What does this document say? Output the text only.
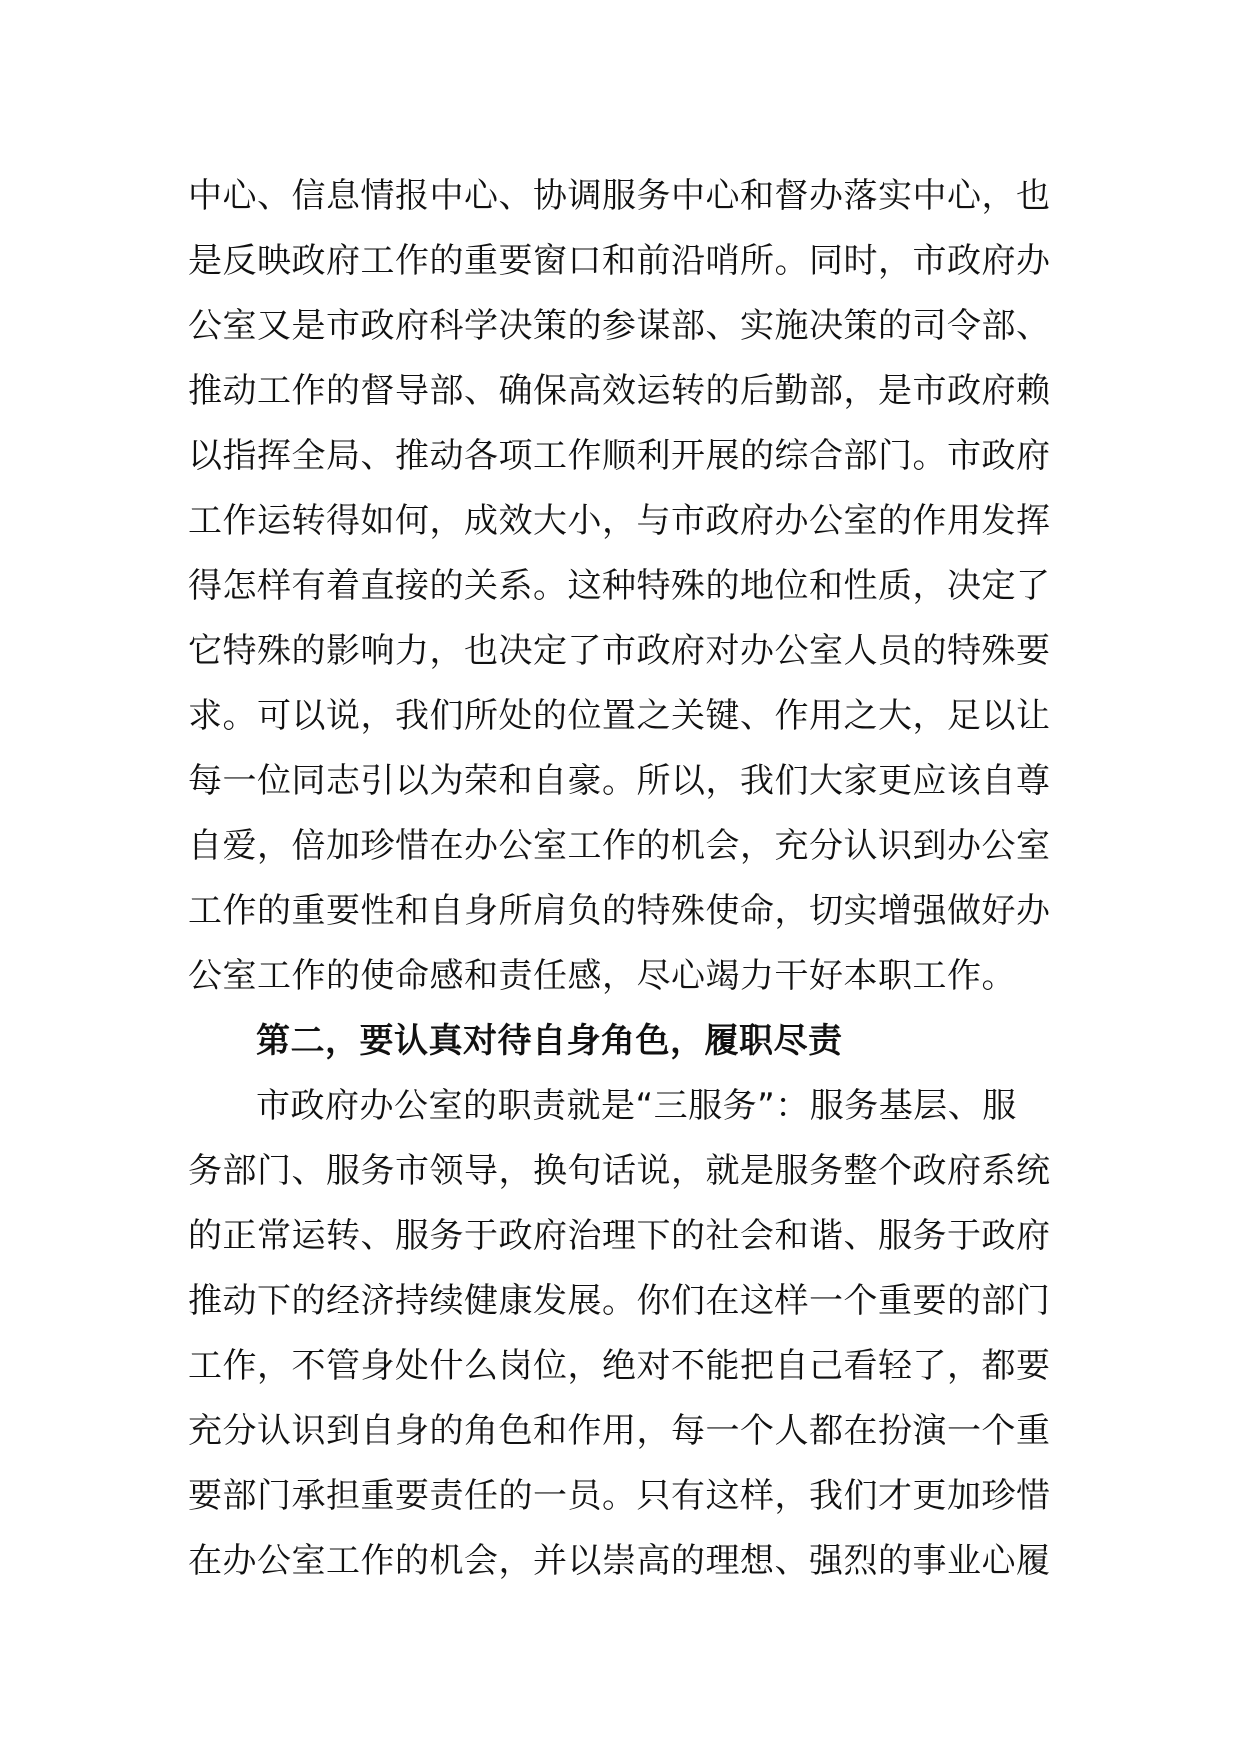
中心、信息情报中心、协调服务中心和督办落实中心，也
是反映政府工作的重要窗口和前沿哨所。同时，市政府办
公室又是市政府科学决策的参谋部、实施决策的司令部、
推动工作的督导部、确保高效运转的后勤部，是市政府赖
以指挥全局、推动各项工作顺利开展的综合部门。市政府
工作运转得如何，成效大小，与市政府办公室的作用发挥
得怎样有着直接的关系。这种特殊的地位和性质，决定了
它特殊的影响力，也决定了市政府对办公室人员的特殊要
求。可以说，我们所处的位置之关键、作用之大，足以让
每一位同志引以为荣和自豪。所以，我们大家更应该自尊
自爱，倍加珍惜在办公室工作的机会，充分认识到办公室
工作的重要性和自身所肩负的特殊使命，切实增强做好办
公室工作的使命感和责任感，尽心竭力干好本职工作。
第二，要认真对待自身角色，履职尽责
市政府办公室的职责就是“三服务”：服务基层、服
务部门、服务市领导，换句话说，就是服务整个政府系统
的正常运转、服务于政府治理下的社会和谐、服务于政府
推动下的经济持续健康发展。你们在这样一个重要的部门
工作，不管身处什么岗位，绝对不能把自己看轻了，都要
充分认识到自身的角色和作用，每一个人都在扮演一个重
要部门承担重要责任的一员。只有这样，我们才更加珍惜
在办公室工作的机会，并以崇高的理想、强烈的事业心履
